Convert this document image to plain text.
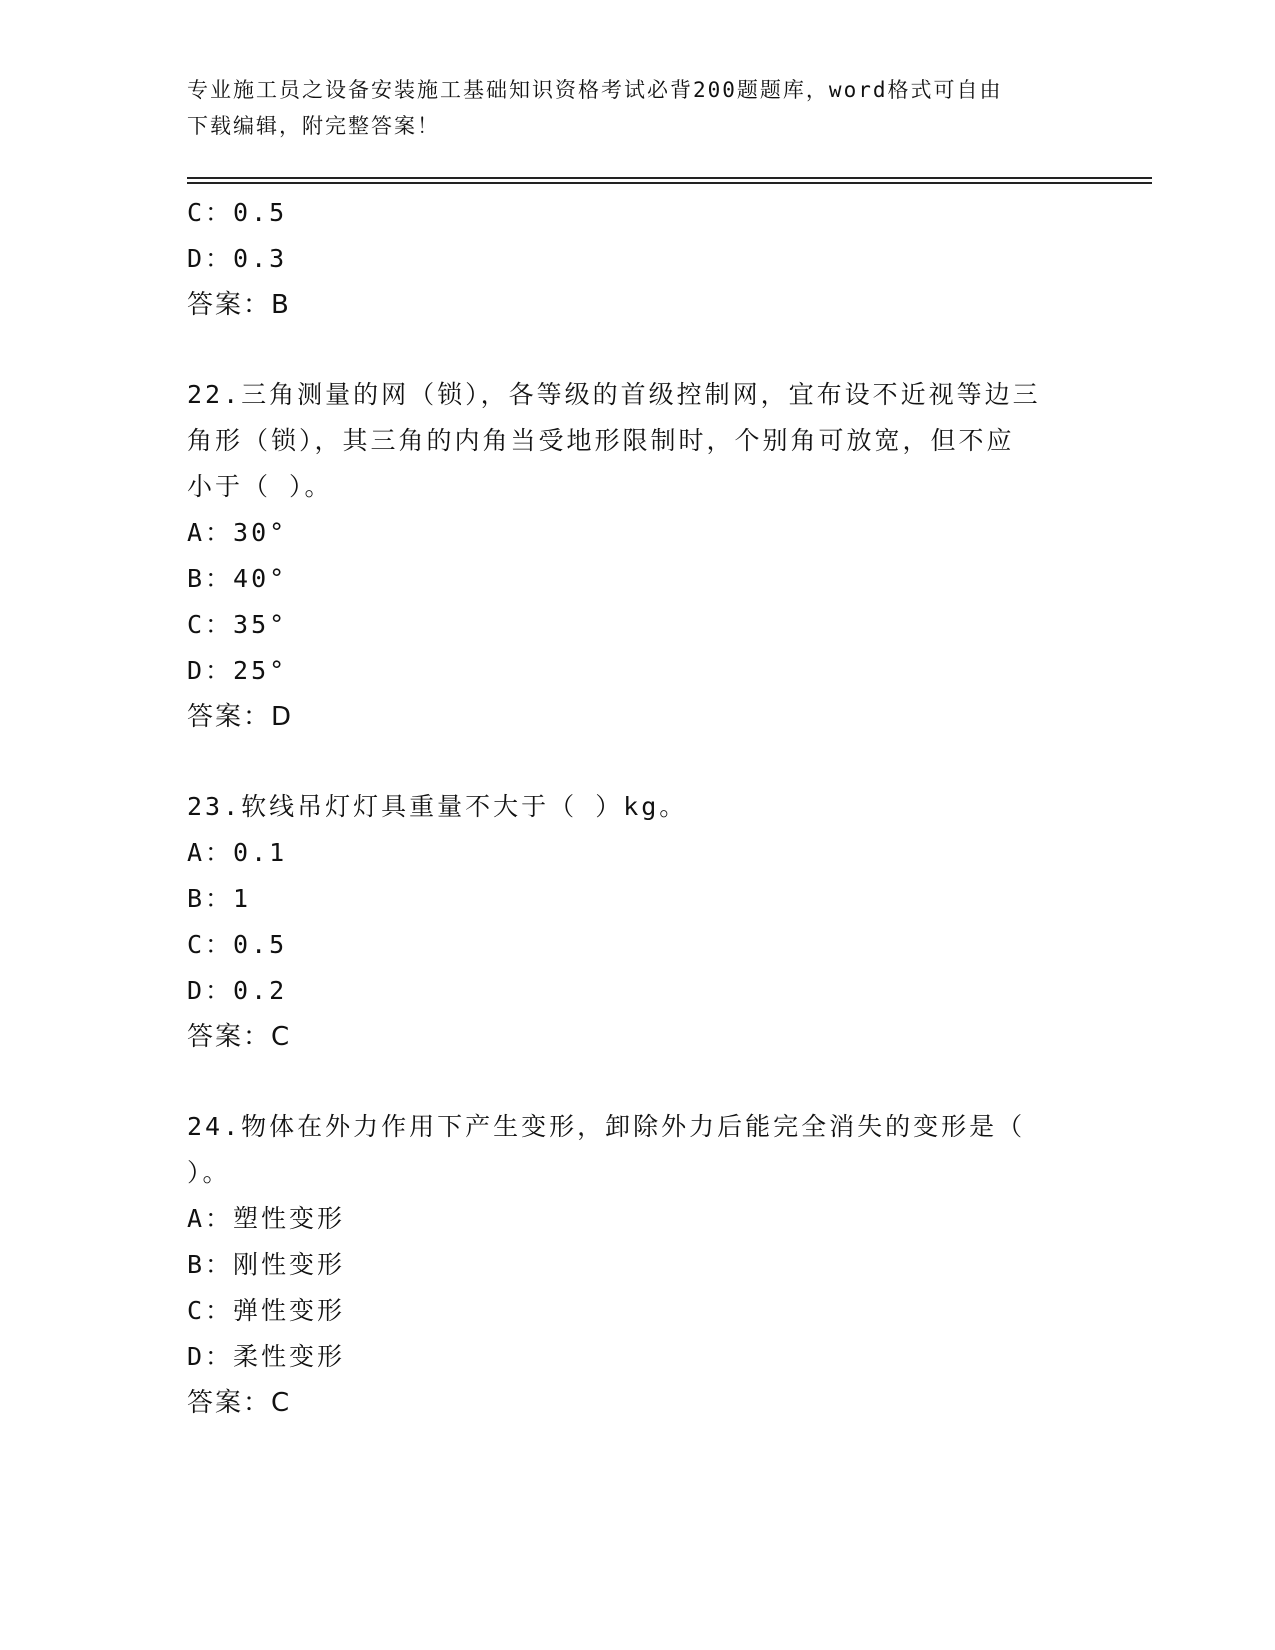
专业施工员之设备安装施工基础知识资格考试必背200题题库，word格式可自由
下载编辑，附完整答案！
C：0.5
D：0.3
答案：B
22.三角测量的网（锁），各等级的首级控制网，宜布设不近视等边三
角形（锁），其三角的内角当受地形限制时，个别角可放宽，但不应
小于（ ）。
A：30°
B：40°
C：35°
D：25°
答案：D
23.软线吊灯灯具重量不大于（ ）kg。
A：0.1
B：1
C：0.5
D：0.2
答案：C
24.物体在外力作用下产生变形，卸除外力后能完全消失的变形是（
）。
A：塑性变形
B：刚性变形
C：弹性变形
D：柔性变形
答案：C
